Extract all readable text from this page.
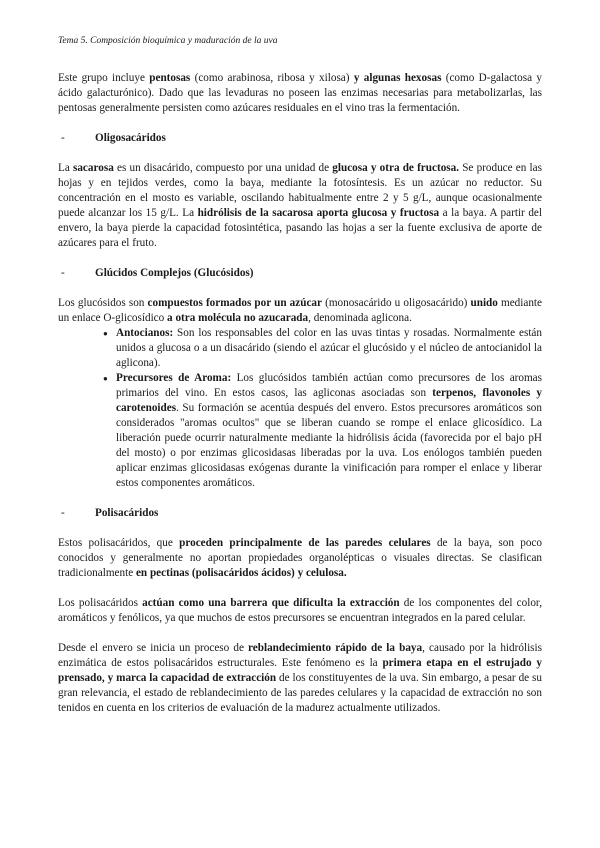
Tema 5. Composición bioquímica y maduración de la uva

Este grupo incluye pentosas (como arabinosa, ribosa y xilosa) y algunas hexosas (como D-galactosa y ácido galacturónico). Dado que las levaduras no poseen las enzimas necesarias para metabolizarlas, las pentosas generalmente persisten como azúcares residuales en el vino tras la fermentación.

-	Oligosacáridos

La sacarosa es un disacárido, compuesto por una unidad de glucosa y otra de fructosa. Se produce en las hojas y en tejidos verdes, como la baya, mediante la fotosíntesis. Es un azúcar no reductor. Su concentración en el mosto es variable, oscilando habitualmente entre 2 y 5 g/L, aunque ocasionalmente puede alcanzar los 15 g/L. La hidrólisis de la sacarosa aporta glucosa y fructosa a la baya. A partir del envero, la baya pierde la capacidad fotosintética, pasando las hojas a ser la fuente exclusiva de aporte de azúcares para el fruto.

-	Glúcidos Complejos (Glucósidos)

Los glucósidos son compuestos formados por un azúcar (monosacárido u oligosacárido) unido mediante un enlace O-glicosídico a otra molécula no azucarada, denominada aglicona.

● Antocianos: Son los responsables del color en las uvas tintas y rosadas. Normalmente están unidos a glucosa o a un disacárido (siendo el azúcar el glucósido y el núcleo de antocianidol la aglicona).
● Precursores de Aroma: Los glucósidos también actúan como precursores de los aromas primarios del vino. En estos casos, las agliconas asociadas son terpenos, flavonoles y carotenoides. Su formación se acentúa después del envero. Estos precursores aromáticos son considerados "aromas ocultos" que se liberan cuando se rompe el enlace glicosídico. La liberación puede ocurrir naturalmente mediante la hidrólisis ácida (favorecida por el bajo pH del mosto) o por enzimas glicosidasas liberadas por la uva. Los enólogos también pueden aplicar enzimas glicosidasas exógenas durante la vinificación para romper el enlace y liberar estos componentes aromáticos.
-	Polisacáridos

Estos polisacáridos, que proceden principalmente de las paredes celulares de la baya, son poco conocidos y generalmente no aportan propiedades organolépticas o visuales directas. Se clasifican tradicionalmente en pectinas (polisacáridos ácidos) y celulosa.

Los polisacáridos actúan como una barrera que dificulta la extracción de los componentes del color, aromáticos y fenólicos, ya que muchos de estos precursores se encuentran integrados en la pared celular.

Desde el envero se inicia un proceso de reblandecimiento rápido de la baya, causado por la hidrólisis enzimática de estos polisacáridos estructurales. Este fenómeno es la primera etapa en el estrujado y prensado, y marca la capacidad de extracción de los constituyentes de la uva. Sin embargo, a pesar de su gran relevancia, el estado de reblandecimiento de las paredes celulares y la capacidad de extracción no son tenidos en cuenta en los criterios de evaluación de la madurez actualmente utilizados.
